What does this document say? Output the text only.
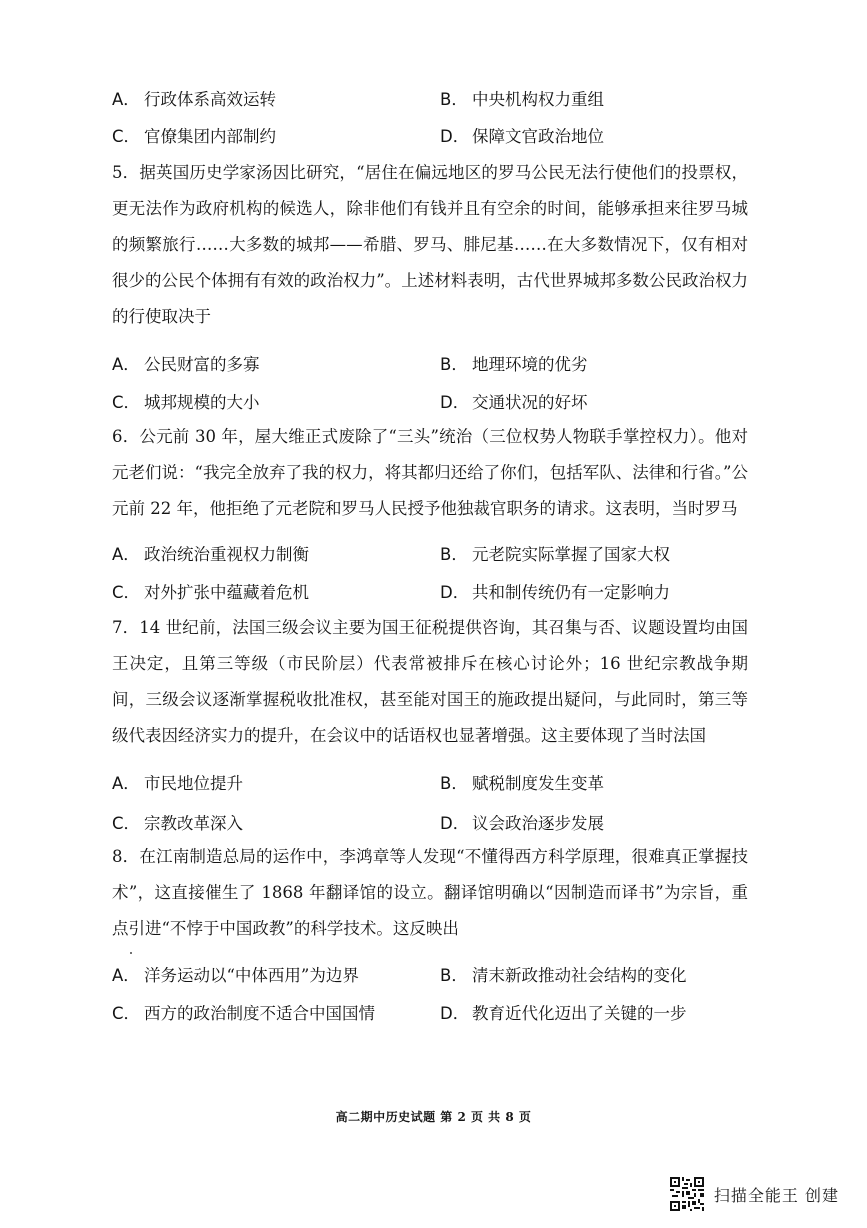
A． 行政体系高效运转	B． 中央机构权力重组
C． 官僚集团内部制约	D． 保障文官政治地位

5．据英国历史学家汤因比研究，“居住在偏远地区的罗马公民无法行使他们的投票权，更无法作为政府机构的候选人，除非他们有钱并且有空余的时间，能够承担来往罗马城的频繁旅行……大多数的城邦——希腊、罗马、腓尼基……在大多数情况下，仅有相对很少的公民个体拥有有效的政治权力”。上述材料表明，古代世界城邦多数公民政治权力的行使取决于

A． 公民财富的多寡	B． 地理环境的优劣
C． 城邦规模的大小	D． 交通状况的好坏

6．公元前 30 年，屋大维正式废除了“三头”统治（三位权势人物联手掌控权力）。他对元老们说：“我完全放弃了我的权力，将其都归还给了你们，包括军队、法律和行省。”公元前 22 年，他拒绝了元老院和罗马人民授予他独裁官职务的请求。这表明，当时罗马

A． 政治统治重视权力制衡	B． 元老院实际掌握了国家大权
C． 对外扩张中蕴藏着危机	D． 共和制传统仍有一定影响力

7．14 世纪前，法国三级会议主要为国王征税提供咨询，其召集与否、议题设置均由国王决定，且第三等级（市民阶层）代表常被排斥在核心讨论外；16 世纪宗教战争期间，三级会议逐渐掌握税收批准权，甚至能对国王的施政提出疑问，与此同时，第三等级代表因经济实力的提升，在会议中的话语权也显著增强。这主要体现了当时法国

A． 市民地位提升	B． 赋税制度发生变革
C． 宗教改革深入	D． 议会政治逐步发展

8．在江南制造总局的运作中，李鸿章等人发现“不懂得西方科学原理，很难真正掌握技术”，这直接催生了 1868 年翻译馆的设立。翻译馆明确以“因制造而译书”为宗旨，重点引进“不悖于中国政教”的科学技术。这反映出

A． 洋务运动以“中体西用”为边界	B． 清末新政推动社会结构的变化
C． 西方的政治制度不适合中国国情	D． 教育近代化迈出了关键的一步
高二期中历史试题 第 2 页 共 8 页
扫描全能王 创建
